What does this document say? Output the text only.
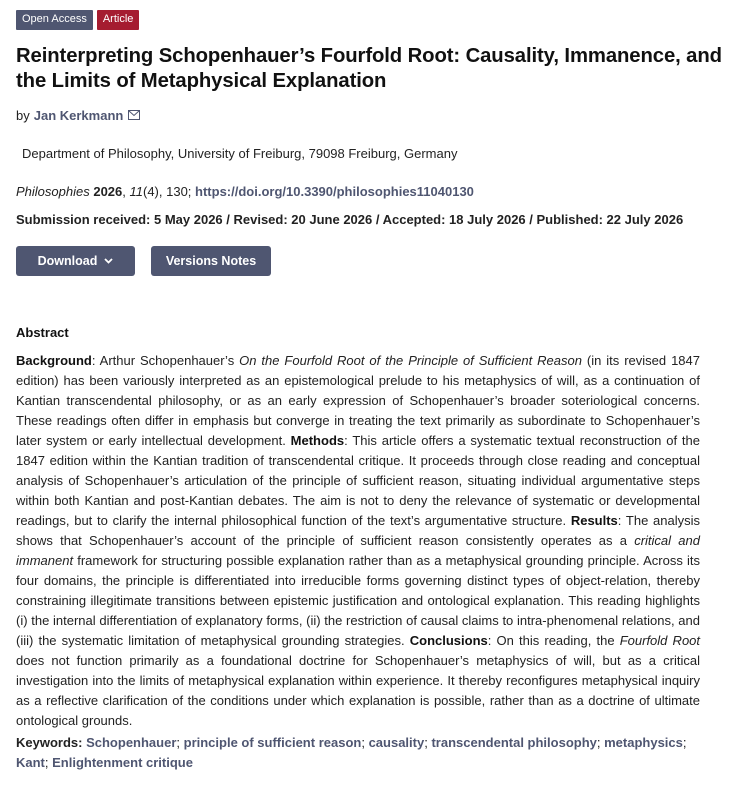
Open Access	Article
Reinterpreting Schopenhauer’s Fourfold Root: Causality, Immanence, and the Limits of Metaphysical Explanation
by Jan Kerkmann
Department of Philosophy, University of Freiburg, 79098 Freiburg, Germany
Philosophies 2026, 11(4), 130; https://doi.org/10.3390/philosophies11040130
Submission received: 5 May 2026 / Revised: 20 June 2026 / Accepted: 18 July 2026 / Published: 22 July 2026
Download	Versions Notes
Abstract
Background: Arthur Schopenhauer’s On the Fourfold Root of the Principle of Sufficient Reason (in its revised 1847 edition) has been variously interpreted as an epistemological prelude to his metaphysics of will, as a continuation of Kantian transcendental philosophy, or as an early expression of Schopenhauer’s broader soteriological concerns. These readings often differ in emphasis but converge in treating the text primarily as subordinate to Schopenhauer’s later system or early intellectual development. Methods: This article offers a systematic textual reconstruction of the 1847 edition within the Kantian tradition of transcendental critique. It proceeds through close reading and conceptual analysis of Schopenhauer’s articulation of the principle of sufficient reason, situating individual argumentative steps within both Kantian and post-Kantian debates. The aim is not to deny the relevance of systematic or developmental readings, but to clarify the internal philosophical function of the text’s argumentative structure. Results: The analysis shows that Schopenhauer’s account of the principle of sufficient reason consistently operates as a critical and immanent framework for structuring possible explanation rather than as a metaphysical grounding principle. Across its four domains, the principle is differentiated into irreducible forms governing distinct types of object-relation, thereby constraining illegitimate transitions between epistemic justification and ontological explanation. This reading highlights (i) the internal differentiation of explanatory forms, (ii) the restriction of causal claims to intra-phenomenal relations, and (iii) the systematic limitation of metaphysical grounding strategies. Conclusions: On this reading, the Fourfold Root does not function primarily as a foundational doctrine for Schopenhauer’s metaphysics of will, but as a critical investigation into the limits of metaphysical explanation within experience. It thereby reconfigures metaphysical inquiry as a reflective clarification of the conditions under which explanation is possible, rather than as a doctrine of ultimate ontological grounds.
Keywords: Schopenhauer; principle of sufficient reason; causality; transcendental philosophy; metaphysics; Kant; Enlightenment critique
